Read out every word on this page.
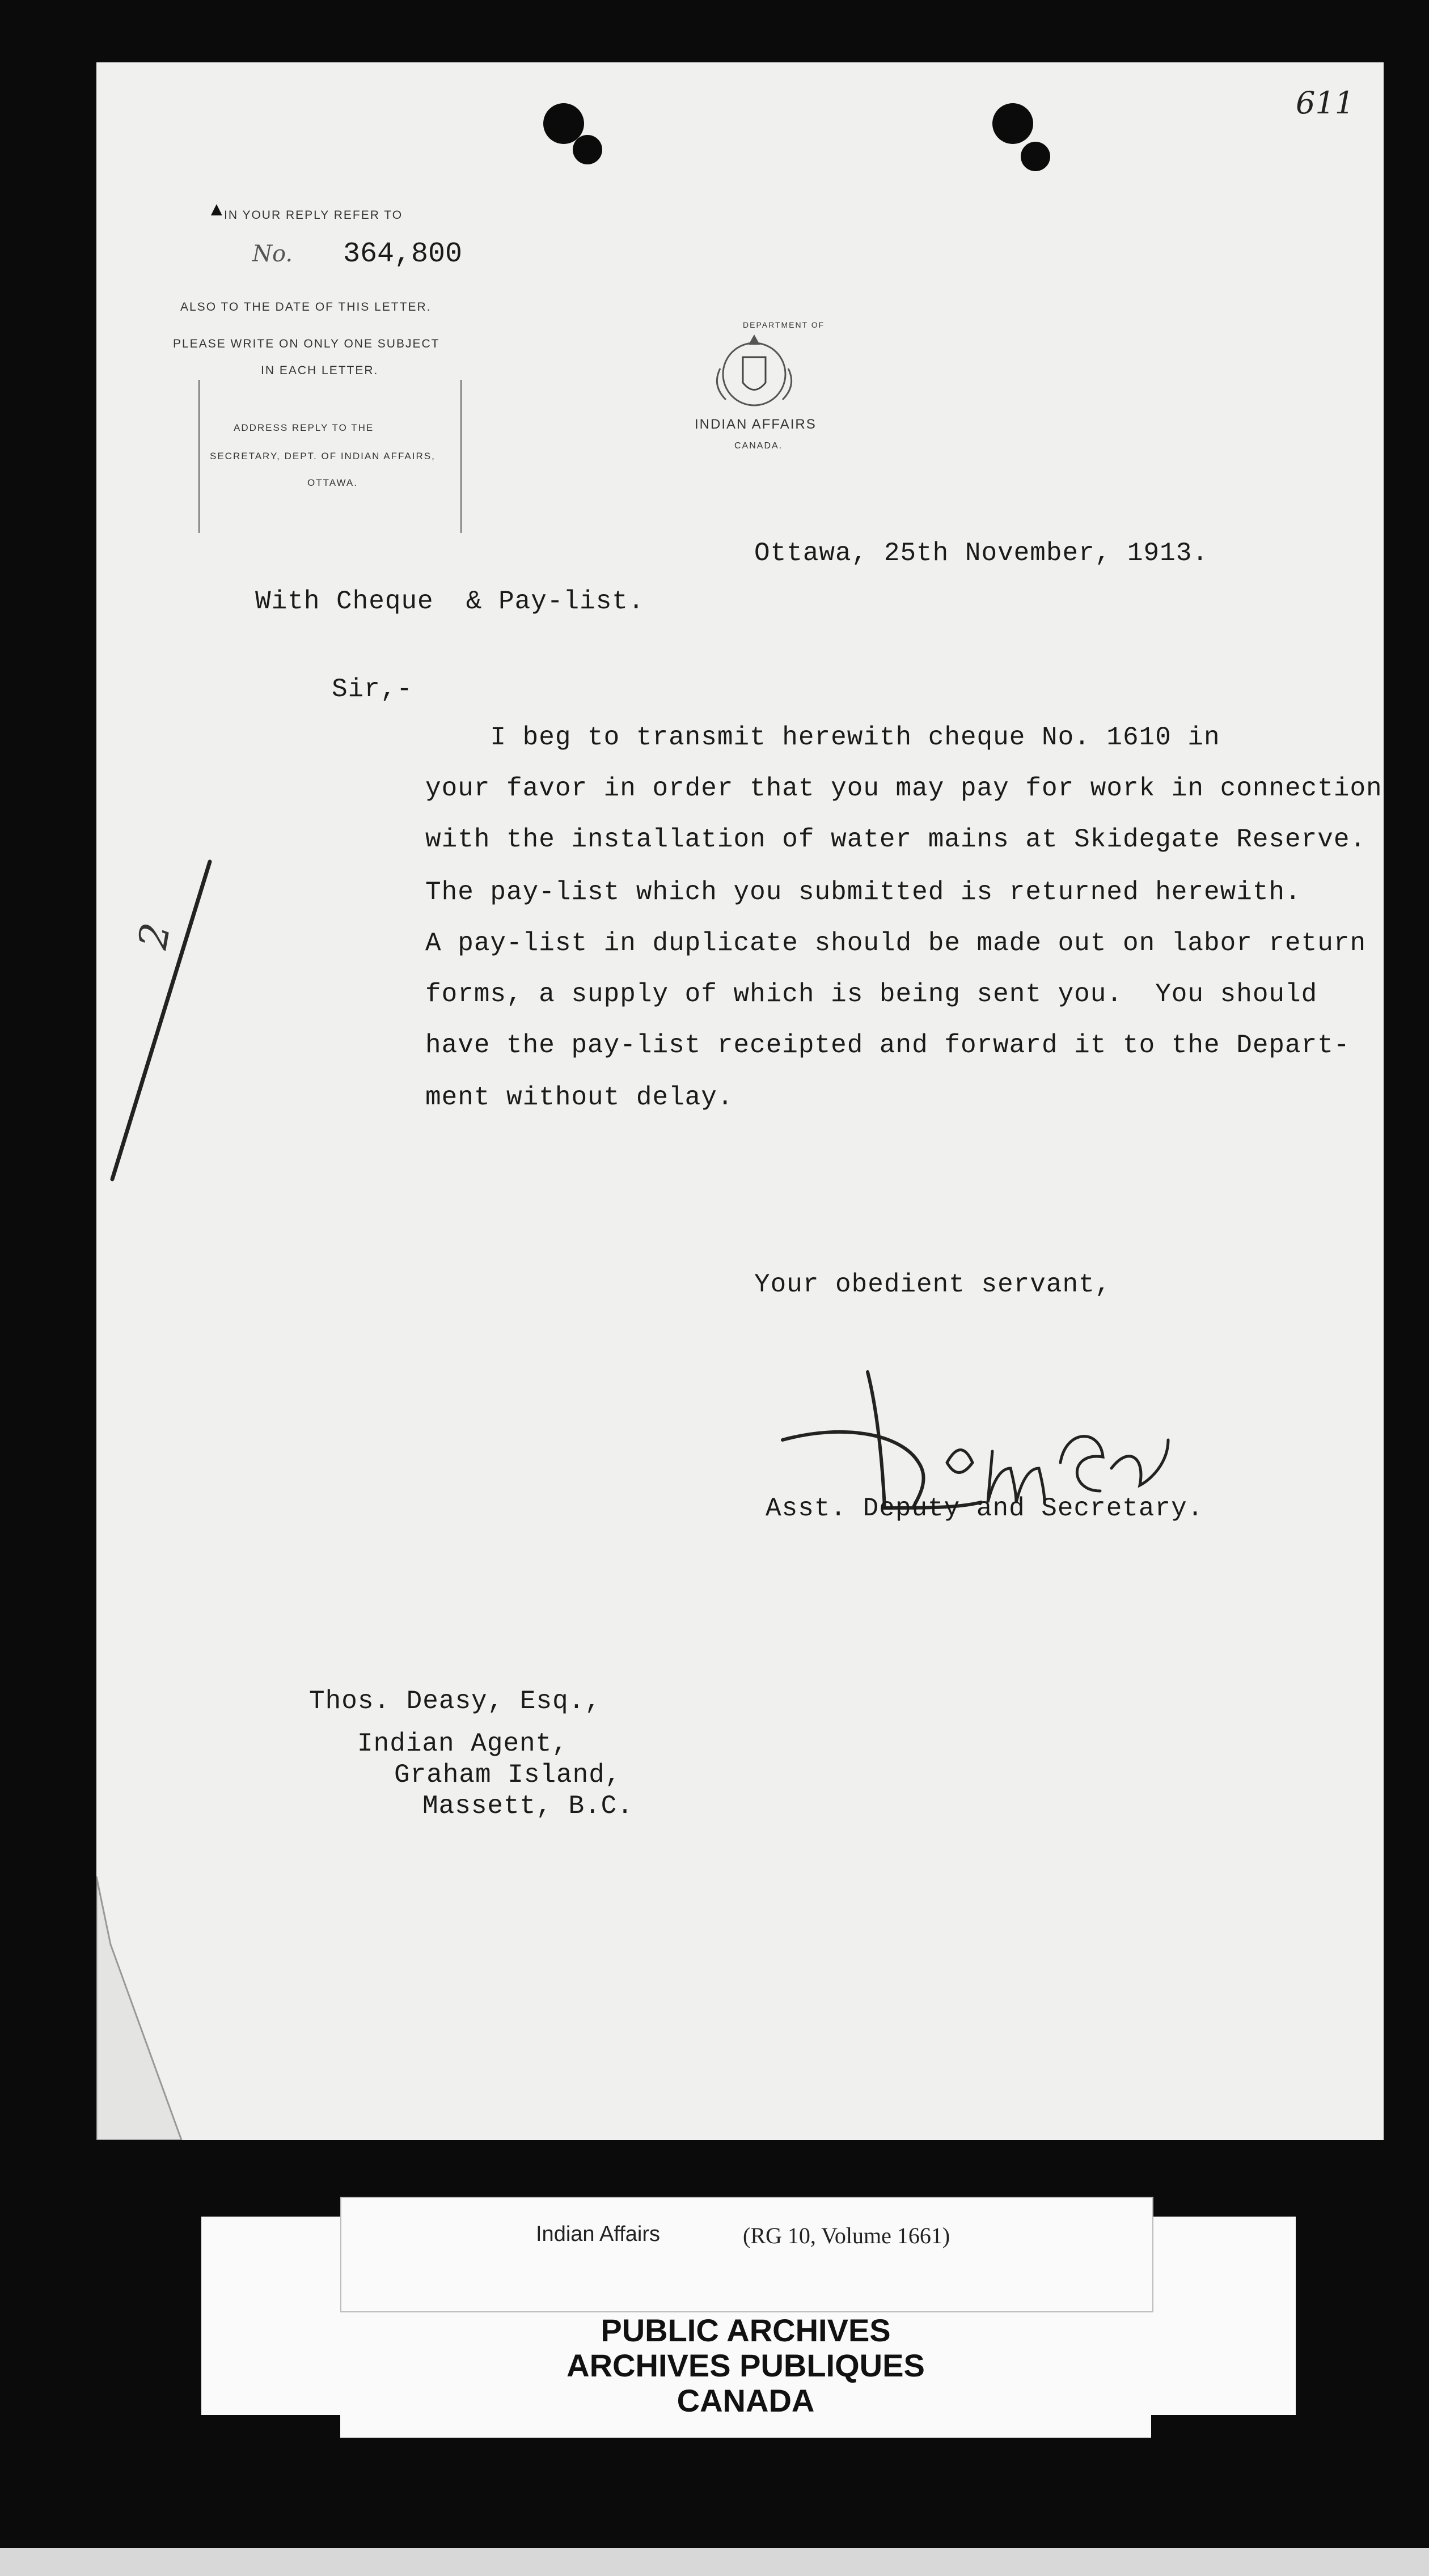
611
▲
IN YOUR REPLY REFER TO
No. 364,800
ALSO TO THE DATE OF THIS LETTER.
PLEASE WRITE ON ONLY ONE SUBJECT
IN EACH LETTER.
ADDRESS REPLY TO THE
SECRETARY, DEPT. OF INDIAN AFFAIRS,
OTTAWA.
DEPARTMENT OF
INDIAN AFFAIRS
CANADA.
Ottawa, 25th November, 1913.
With Cheque  & Pay-list.
Sir,-
I beg to transmit herewith cheque No. 1610 in
your favor in order that you may pay for work in connection
with the installation of water mains at Skidegate Reserve.
The pay-list which you submitted is returned herewith.
A pay-list in duplicate should be made out on labor return
forms, a supply of which is being sent you.  You should
have the pay-list receipted and forward it to the Depart-
ment without delay.
2
Your obedient servant,
Asst. Deputy and Secretary.
Thos. Deasy, Esq.,
Indian Agent,
Graham Island,
Massett, B.C.
Indian Affairs	(RG 10, Volume 1661)
PUBLIC ARCHIVES
ARCHIVES PUBLIQUES
CANADA
